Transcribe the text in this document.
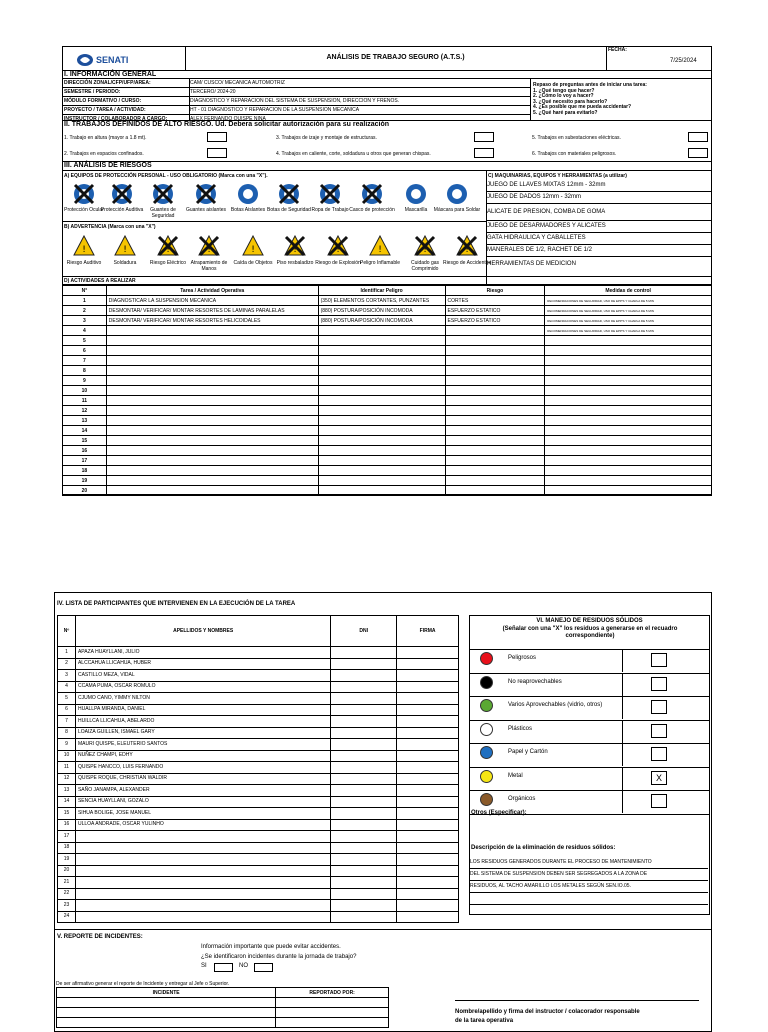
SENATI	ANÁLISIS DE TRABAJO SEGURO (A.T.S.)
FECHA:
7/25/2024
I. INFORMACIÓN GENERAL
DIRECCIÓN ZONAL/CFP/UFP/AREA:	CAM/ CUSCO/ MECANICA AUTOMOTRIZ
SEMESTRE / PERIODO:	TERCERO/ 2024-20
MÓDULO FORMATIVO / CURSO:	DIAGNOSTICO Y REPARACION DEL SISTEMA DE SUSPENSION, DIRECCION Y FRENOS.
PROYECTO / TAREA / ACTIVIDAD:	HT - 01 DIAGNOSTICO Y REPARACION DE LA SUSPENSION MECANICA
INSTRUCTOR / COLABORADOR A CARGO:	ALEX FERNANDO QUISPE NINA
Repaso de preguntas antes de iniciar una tarea:
1. ¿Qué tengo que hacer?
2. ¿Cómo lo voy a hacer?
3. ¿Qué necesito para hacerlo?
4. ¿Es posible que me pueda accidentar?
5. ¿Qué haré para evitarlo?
II. TRABAJOS DEFINIDOS DE ALTO RIESGO. Ud. Debera solicitar autorización para su realización
1. Trabajo en altura (mayor a 1.8 mt).
2. Trabajos en espacios confinados.
3. Trabajos de izaje y montaje de estructuras.
4. Trabajos en caliente, corte, soldadura u otros que generan chispas.
5. Trabajos en subestaciones eléctricas.
6. Trabajos con materiales peligrosos.
III. ANÁLISIS DE RIESGOS
A) EQUIPOS DE PROTECCIÓN PERSONAL - USO OBLIGATORIO (Marca con una "X").	C) MAQUINARIAS, EQUIPOS Y HERRAMIENTAS (a utilizar)
Protección Ocular
Protección Auditiva	Guantes de Seguridad
Guantes aislantes Botas Aislantes Botas de Seguridad Ropa de Trabajo Casco de protección	Mascarilla	Máscara para Soldar
B) ADVERTENCIA (Marca con una "X")
!
Riesgo Auditivo
!
Soldadura
!
Riesgo Eléctrico
!
Atrapamiento de Manos
!
Caída de Objetos
!
Piso resbaladizo
!
Riesgo de Explosión
!
Peligro Inflamable
!
Cuidado gas Comprimido
!
Riesgo de Accidentes
JUEGO DE LLAVES MIXTAS 12mm - 32mm
JUEGO DE DADOS 12mm - 32mm
ALICATE DE PRESION, COMBA DE GOMA
JUEGO DE DESARMADORES Y ALICATES
GATA HIDRAULICA Y CABALLETES
MANERALES DE 1/2, RACHET DE 1/2
HERRAMIENTAS DE MEDICION
D) ACTIVIDADES A REALIZAR
N°	Tarea / Actividad Operativa	Identificar Peligro	Riesgo	Medidas de control
1	DIAGNOSTICAR LA SUSPENSION MECANICA	(350) ELEMENTOS CORTANTES, PUNZANTES	CORTES	RECOMENDACIONES DE SEGURIDAD, USO DE EPP'S Y CHARLA DE 5 MIN
2	DESMONTAR/ VERIFICAR/ MONTAR RESORTES DE LAMINAS PARALELAS	(880) POSTURA/POSICIÓN INCOMODA	ESFUERZO ESTATICO	RECOMENDACIONES DE SEGURIDAD, USO DE EPP'S Y CHARLA DE 5 MIN
3	DESMONTAR/ VERIFICAR/ MONTAR RESORTES HELICOIDALES	(880) POSTURA/POSICIÓN INCOMODA	ESFUERZO ESTATICO	RECOMENDACIONES DE SEGURIDAD, USO DE EPP'S Y CHARLA DE 5 MIN
4				RECOMENDACIONES DE SEGURIDAD, USO DE EPP'S Y CHARLA DE 5 MIN
5				
6				
7				
8				
9				
10				
11				
12				
13				
14				
15				
16				
17				
18				
19				
20				
IV. LISTA DE PARTICIPANTES QUE INTERVIENEN EN LA EJECUCIÓN DE LA TAREA
Nº	APELLIDOS Y NOMBRES	DNI	FIRMA
1	APAZA HUAYLLANI, JULIO		
2	ALCCAHUA LLICAHUA, HUBER		
3	CASTILLO MEZA, VIDAL		
4	CCAMA PUMA, OSCAR ROMULO		
5	CJUMO CANO, YIMMY NILTON		
6	HUALLPA MIRANDA, DANIEL		
7	HUILLCA LLICAHUA, ABELARDO		
8	LOAIZA GUILLEN, ISMAEL GARY		
9	MAURI QUISPE, ELEUTERIO SANTOS		
10	NUÑEZ CHAMPI, EDHY		
11	QUISPE HANCCO, LUIS FERNANDO		
12	QUISPE ROQUE, CHRISTIAN WALDIR		
13	SAÑO JANAMPA, ALEXANDER		
14	SENCIA HUAYLLANI, GOZALO		
15	SIHUA BOLIGE, JOSE MANUEL		
16	ULLOA ANDRADE, OSCAR YULINHO		
17			
18			
19			
20			
21			
22			
23			
24			
VI. MANEJO DE RESIDUOS SÓLIDOS
(Señalar con una "X" los residuos a generarse en el recuadro correspondiente)
Peligrosos
No reaprovechables
Varios Aprovechables (vidrio, otros)
Plásticos
Papel y Cartón
Metal	X
Orgánicos
Otros (Especificar):
Descripción de la eliminación de residuos sólidos:
LOS RESIDUOS GENERADOS DURANTE EL PROCESO DE MANTENIMIENTO
DEL SISTEMA DE SUSPENSION DEBEN SER SEGREGADOS A LA ZONA DE
RESIDUOS, AL TACHO AMARILLO LOS METALES SEGÚN SEN.IO.05.
V. REPORTE DE INCIDENTES:
Información importante que puede evitar accidentes.
¿Se identificaron incidentes durante la jornada de trabajo?
SI	NO
De ser afirmativo generar el reporte de Incidente y entregar al Jefe o Superior.
INCIDENTE	REPORTADO POR:

Nombre/apellido y firma del instructor / colacorador responsable
de la tarea operativa
